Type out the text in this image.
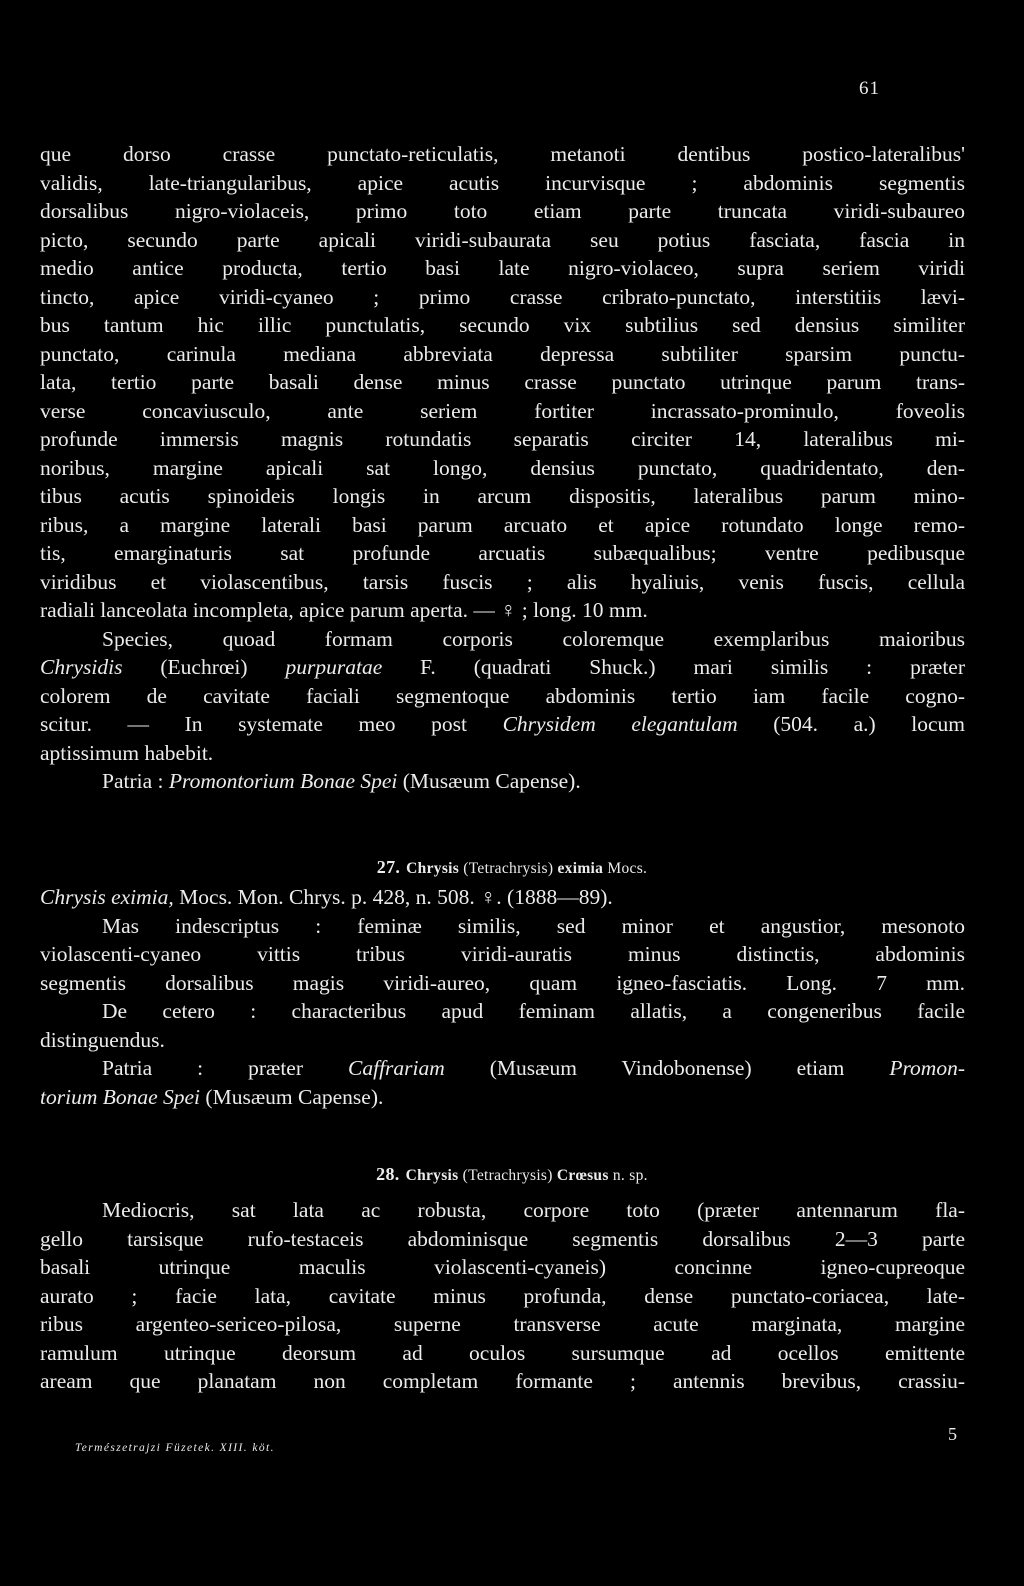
61
que dorso crasse punctato-reticulatis, metanoti dentibus postico-lateralibus'
validis, late-triangularibus, apice acutis incurvisque ; abdominis segmentis
dorsalibus nigro-violaceis, primo toto etiam parte truncata viridi-subaureo
picto, secundo parte apicali viridi-subaurata seu potius fasciata, fascia in
medio antice producta, tertio basi late nigro-violaceo, supra seriem viridi
tincto, apice viridi-cyaneo ; primo crasse cribrato-punctato, interstitiis lævi-
bus tantum hic illic punctulatis, secundo vix subtilius sed densius similiter
punctato, carinula mediana abbreviata depressa subtiliter sparsim punctu-
lata, tertio parte basali dense minus crasse punctato utrinque parum trans-
verse concaviusculo, ante seriem fortiter incrassato-prominulo, foveolis
profunde immersis magnis rotundatis separatis circiter 14, lateralibus mi-
noribus, margine apicali sat longo, densius punctato, quadridentato, den-
tibus acutis spinoideis longis in arcum dispositis, lateralibus parum mino-
ribus, a margine laterali basi parum arcuato et apice rotundato longe remo-
tis, emarginaturis sat profunde arcuatis subæqualibus; ventre pedibusque
viridibus et violascentibus, tarsis fuscis ; alis hyaliuis, venis fuscis, cellula
radiali lanceolata incompleta, apice parum aperta. — ♀ ; long. 10 mm.
Species, quoad formam corporis coloremque exemplaribus maioribus
Chrysidis (Euchrœi) purpuratae F. (quadrati Shuck.) mari similis : præter
colorem de cavitate faciali segmentoque abdominis tertio iam facile cogno-
scitur. — In systemate meo post Chrysidem elegantulam (504. a.) locum
aptissimum habebit.
Patria : Promontorium Bonae Spei (Musæum Capense).
27. Chrysis (Tetrachrysis) eximia Mocs.
Chrysis eximia, Mocs. Mon. Chrys. p. 428, n. 508. ♀. (1888—89).
Mas indescriptus : feminæ similis, sed minor et angustior, mesonoto
violascenti-cyaneo vittis tribus viridi-auratis minus distinctis, abdominis
segmentis dorsalibus magis viridi-aureo, quam igneo-fasciatis. Long. 7 mm.
De cetero : characteribus apud feminam allatis, a congeneribus facile
distinguendus.
Patria : præter Caffrariam (Musæum Vindobonense) etiam Promon-
torium Bonae Spei (Musæum Capense).
28. Chrysis (Tetrachrysis) Crœsus n. sp.
Mediocris, sat lata ac robusta, corpore toto (præter antennarum fla-
gello tarsisque rufo-testaceis abdominisque segmentis dorsalibus 2—3 parte
basali utrinque maculis violascenti-cyaneis) concinne igneo-cupreoque
aurato ; facie lata, cavitate minus profunda, dense punctato-coriacea, late-
ribus argenteo-sericeo-pilosa, superne transverse acute marginata, margine
ramulum utrinque deorsum ad oculos sursumque ad ocellos emittente
aream que planatam non completam formante ; antennis brevibus, crassiu-
Természetrajzi Füzetek. XIII. köt.
5
